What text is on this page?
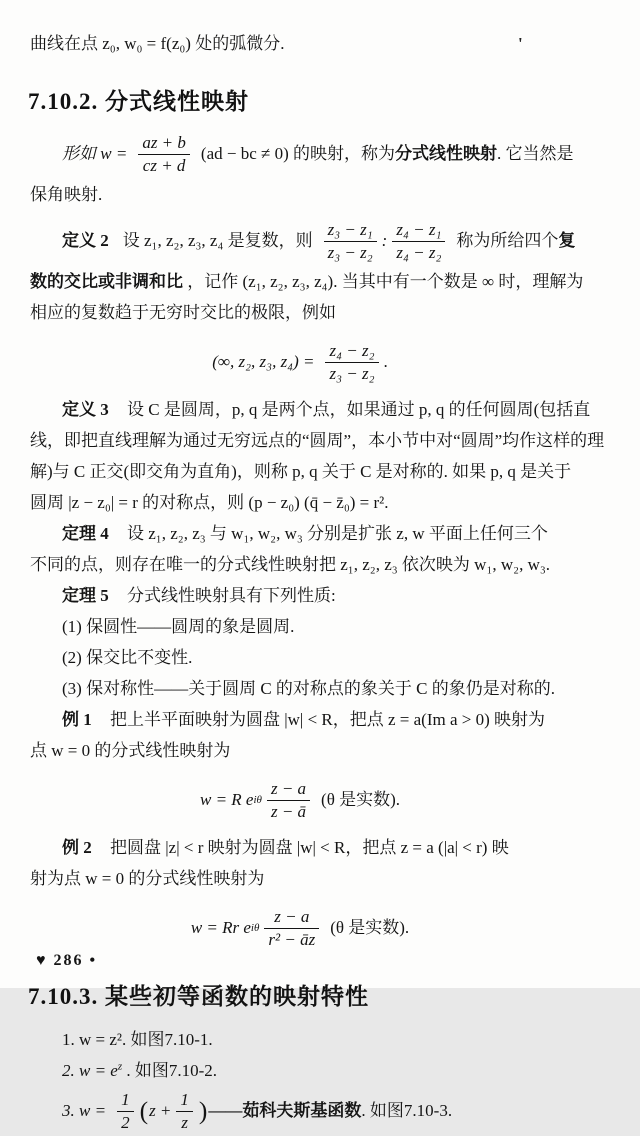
曲线在点 z₀, w₀ = f(z₀) 处的弧微分.	'
7.10.2. 分式线性映射
形如 $w = \frac{az + b}{cz + d} (ad$ − bc ≠ 0) 的映射，称为 分式线性映射 . 它当然是
保角映射.
定义 2 设 z₁, z₂, z₃, z₄ 是复数，则 $\frac{\text{z₃ − z₁}}{\text{z₃ − z₂}}$ : $\frac{\text{z₄ − z₁}}{\text{z₄ − z₂}}$ 称为所给四个 复
数的交比或非调和比 ，记作 (z₁, z₂, z₃, z₄). 当其中有一个数是 ∞ 时，理解为
相应的复数趋于无穷时交比的极限，例如
(∞, z₂, z₃, $z_4) = \frac{\text{z₄ − z₂}}{\text{z₃ − z₂}}$ .
定义 3 设 C 是圆周，p, q 是两个点，如果通过 p, q 的任何圆周(包括直
线，即把直线理解为通过无穷远点的“圆周”，本小节中对“圆周”均作这样的理
解)与 C 正交(即交角为直角)，则称 p, q 关于 C 是对称的. 如果 p, q 是关于
圆周 |z − z₀| = r 的对称点，则 (p − z₀) (q̄ − z̄₀) = r².
定理 4 设 z₁, z₂, z₃ 与 w₁, w₂, w₃ 分别是扩张 z, w 平面上任何三个
不同的点，则存在唯一的分式线性映射把 z₁, z₂, z₃ 依次映为 w₁, w₂, w₃.
定理 5 分式线性映射具有下列性质:
(1) 保圆性——圆周的象是圆周.
(2) 保交比不变性.
(3) 保对称性——关于圆周 C 的对称点的象关于 C 的象仍是对称的.
例 1 把上半平面映射为圆盘 |w| < R，把点 z = a(Im a > 0) 映射为
点 w = 0 的分式线性映射为
w = R e iθ $\frac{z - a}{z - ā} (\theta$ 是实数).
例 2 把圆盘 |z| < r 映射为圆盘 |w| < R，把点 z = a (|a| < r) 映
射为点 w = 0 的分式线性映射为
w = Rr e iθ $\frac{z - a}{\text{r² − āz}} (\theta$ 是实数).
7.10.3. 某些初等函数的映射特性
1. w = z². 如图7.10-1.
2. $w = e^z$ . 如图7.10-2.
3. $w = \frac{1}{2}$ ( $z + \frac{1}{z}$ ) —— 茹科夫斯基函数 . 如图7.10-3.
♥ 286 •
